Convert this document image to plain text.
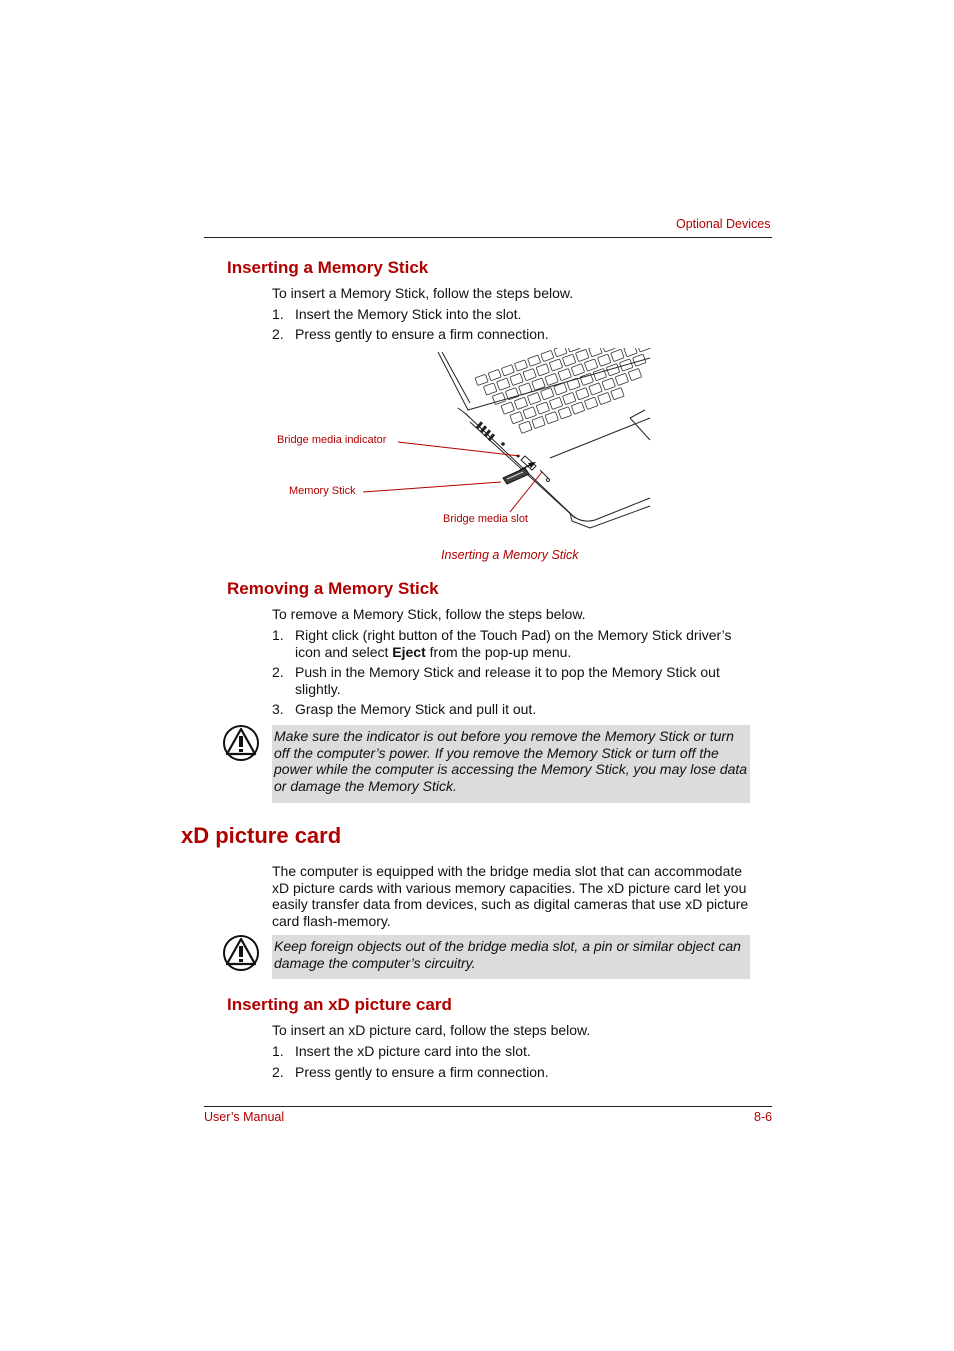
Optional Devices
Inserting a Memory Stick
To insert a Memory Stick, follow the steps below.
1. Insert the Memory Stick into the slot.
2. Press gently to ensure a firm connection.
Bridge media indicator
Memory Stick
Bridge media slot
Inserting a Memory Stick
Removing a Memory Stick
To remove a Memory Stick, follow the steps below.
1. Right click (right button of the Touch Pad) on the Memory Stick driver’s icon and select Eject from the pop-up menu.
2. Push in the Memory Stick and release it to pop the Memory Stick out slightly.
3. Grasp the Memory Stick and pull it out.
Make sure the indicator is out before you remove the Memory Stick or turn off the computer’s power. If you remove the Memory Stick or turn off the power while the computer is accessing the Memory Stick, you may lose data or damage the Memory Stick.
xD picture card
The computer is equipped with the bridge media slot that can accommodate xD picture cards with various memory capacities. The xD picture card let you easily transfer data from devices, such as digital cameras that use xD picture card flash-memory.
Keep foreign objects out of the bridge media slot, a pin or similar object can damage the computer’s circuitry.
Inserting an xD picture card
To insert an xD picture card, follow the steps below.
1. Insert the xD picture card into the slot.
2. Press gently to ensure a firm connection.
User’s Manual	8-6
